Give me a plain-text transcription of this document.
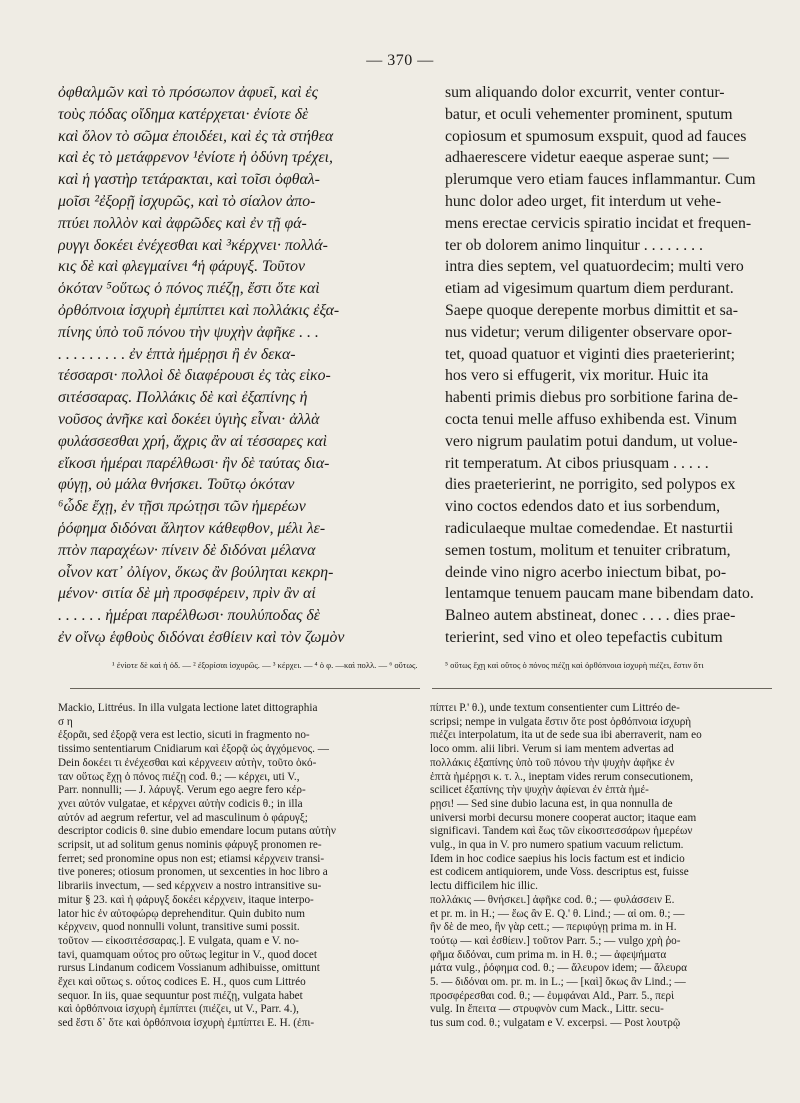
— 370 —
ὀφθαλμῶν καὶ τὸ πρόσωπον ἀφυεῖ, καὶ ἐς
τοὺς πόδας οἴδημα κατέρχεται· ἐνίοτε δὲ
καὶ ὅλον τὸ σῶμα ἐποιδέει, καὶ ἐς τὰ στήθεα
καὶ ἐς τὸ μετάφρενον ¹ἐνίοτε ἡ ὀδύνη τρέχει,
καὶ ἡ γαστὴρ τετάρακται, καὶ τοῖσι ὀφθαλ-
μοῖσι ²ἐξορῇ ἰσχυρῶς, καὶ τὸ σίαλον ἀπο-
πτύει πολλὸν καὶ ἀφρῶδες καὶ ἐν τῇ φά-
ρυγγι δοκέει ἐνέχεσθαι καὶ ³κέρχνει· πολλά-
κις δὲ καὶ φλεγμαίνει ⁴ἡ φάρυγξ. Τοῦτον
ὁκόταν ⁵οὕτως ὁ πόνος πιέζῃ, ἔστι ὅτε καὶ
ὀρθόπνοια ἰσχυρὴ ἐμπίπτει καὶ πολλάκις ἐξα-
πίνης ὑπὸ τοῦ πόνου τὴν ψυχὴν ἀφῆκε . . .
. . . . . . . . . ἐν ἑπτὰ ἡμέρῃσι ἢ ἐν δεκα-
τέσσαρσι· πολλοὶ δὲ διαφέρουσι ἐς τὰς εἰκο-
σιτέσσαρας. Πολλάκις δὲ καὶ ἐξαπίνης ἡ
νοῦσος ἀνῆκε καὶ δοκέει ὑγιὴς εἶναι· ἀλλὰ
φυλάσσεσθαι χρή, ἄχρις ἂν αἱ τέσσαρες καὶ
εἴκοσι ἡμέραι παρέλθωσι· ἢν δὲ ταύτας δια-
φύγῃ, οὐ μάλα θνήσκει. Τοῦτῳ ὁκόταν
⁶ὧδε ἔχῃ, ἐν τῇσι πρώτῃσι τῶν ἡμερέων
ῥόφημα διδόναι ἄλητον κάθεφθον, μέλι λε-
πτὸν παραχέων· πίνειν δὲ διδόναι μέλανα
οἶνον κατ᾽ ὀλίγον, ὅκως ἂν βούληται κεκρη-
μένον· σιτία δὲ μὴ προσφέρειν, πρὶν ἂν αἱ
. . . . . . ἡμέραι παρέλθωσι· πουλύποδας δὲ
ἐν οἴνῳ ἑφθοὺς διδόναι ἐσθίειν καὶ τὸν ζωμὸν
sum aliquando dolor excurrit, venter contur-
batur, et oculi vehementer prominent, sputum
copiosum et spumosum exspuit, quod ad fauces
adhaerescere videtur eaeque asperae sunt; —
plerumque vero etiam fauces inflammantur. Cum
hunc dolor adeo urget, fit interdum ut vehe-
mens erectae cervicis spiratio incidat et frequen-
ter ob dolorem animo linquitur . . . . . . . .
intra dies septem, vel quatuordecim; multi vero
etiam ad vigesimum quartum diem perdurant.
Saepe quoque derepente morbus dimittit et sa-
nus videtur; verum diligenter observare opor-
tet, quoad quatuor et viginti dies praeterierint;
hos vero si effugerit, vix moritur. Huic ita
habenti primis diebus pro sorbitione farina de-
cocta tenui melle affuso exhibenda est. Vinum
vero nigrum paulatim potui dandum, ut volue-
rit temperatum. At cibos priusquam . . . . .
dies praeterierint, ne porrigito, sed polypos ex
vino coctos edendos dato et ius sorbendum,
radiculaeque multae comedendae. Et nasturtii
semen tostum, molitum et tenuiter cribratum,
deinde vino nigro acerbo iniectum bibat, po-
lentamque tenuem paucam mane bibendam dato.
Balneo autem abstineat, donec . . . . dies prae-
terierint, sed vino et oleo tepefactis cubitum
¹ ἐνίοτε δὲ καὶ ἡ ὀδ. — ² ἐξορίσαι ἰσχυρῶς. — ³ κέρχει. — ⁴ ὁ φ. —καὶ πολλ. — ⁶ οὕτως.	⁵ οὕτως ἔχῃ καὶ οὕτος ὁ πόνος πιέζῃ καὶ ὀρθόπνοια ἰσχυρὴ πιέζει, ἔστιν ὅτι
Mackio, Littréus. In illa vulgata lectione latet dittographia
σ η
ἐξορᾶι, sed ἐξορᾷ vera est lectio, sicuti in fragmento no-
tissimo sententiarum Cnidiarum καὶ ἐξορᾷ ὡς ἀγχόμενος. —
Dein δοκέει τι ἐνέχεσθαι καὶ κέρχνεειν αὐτὴν, τοῦτο ὁκό-
ταν οὕτως ἔχῃ ὁ πόνος πιέζῃ cod. θ.; — κέρχει, uti V.,
Parr. nonnulli; — J. λάρυγξ. Verum ego aegre fero κέρ-
χνει αὐτόν vulgatae, et κέρχνει αὐτὴν codicis θ.; in illa
αὐτόν ad aegrum refertur, vel ad masculinum ὁ φάρυγξ;
descriptor codicis θ. sine dubio emendare locum putans αὐτὴν
scripsit, ut ad solitum genus nominis φάρυγξ pronomen re-
ferret; sed pronomine opus non est; etiamsi κέρχνειν transi-
tive poneres; otiosum pronomen, ut sexcenties in hoc libro a
librariis invectum, — sed κέρχνειν a nostro intransitive su-
mitur § 23. καὶ ἡ φάρυγξ δοκέει κέρχνειν, itaque interpo-
lator hic ἐν αὐτοφώρῳ deprehenditur. Quin dubito num
κέρχνειν, quod nonnulli volunt, transitive sumi possit.
τοῦτον — εἰκοσιτέσσαρας.]. E vulgata, quam e V. no-
tavi, quamquam οὗτος pro οὕτως legitur in V., quod docet
rursus Lindanum codicem Vossianum adhibuisse, omittunt
ἔχει καὶ οὕτως s. οὗτος codices E. H., quos cum Littréo
sequor. In iis, quae sequuntur post πιέζῃ, vulgata habet
καὶ ὀρθόπνοια ἰσχυρὴ ἐμπίπτει (πιέζει, ut V., Parr. 4.),
sed ἔστι δ᾽ ὅτε καὶ ὀρθόπνοια ἰσχυρὴ ἐμπίπτει E. H. (ἐπι-
πίπτει P.' θ.), unde textum consentienter cum Littréo de-
scripsi; nempe in vulgata ἔστιν ὅτε post ὀρθόπνοια ἰσχυρὴ
πιέζει interpolatum, ita ut de sede sua ibi aberraverit, nam eo
loco omm. alii libri. Verum si iam mentem advertas ad
πολλάκις ἐξαπίνης ὑπὸ τοῦ πόνου τὴν ψυχὴν ἀφῆκε ἐν
ἑπτὰ ἡμέρῃσι κ. τ. λ., ineptam vides rerum consecutionem,
scilicet ἐξαπίνης τὴν ψυχὴν ἀφίεναι ἐν ἑπτὰ ἡμέ-
ρῃσι! — Sed sine dubio lacuna est, in qua nonnulla de
universi morbi decursu monere cooperat auctor; itaque eam
significavi. Tandem καὶ ἕως τῶν εἰκοσιτεσσάρων ἡμερέων
vulg., in qua in V. pro numero spatium vacuum relictum.
Idem in hoc codice saepius his locis factum est et indicio
est codicem antiquiorem, unde Voss. descriptus est, fuisse
lectu difficilem hic illic.
πολλάκις — θνήσκει.] ἀφῆκε cod. θ.; — φυλάσσειν E.
et pr. m. in H.; — ἕως ἂν E. Q.' θ. Lind.; — αἱ om. θ.; —
ἢν δὲ de meo, ἢν γὰρ cett.; — περιφύγῃ prima m. in H.
τούτῳ — καὶ ἐσθίειν.] τοῦτον Parr. 5.; — vulgo χρὴ ῥο-
φῆμα διδόναι, cum prima m. in H. θ.; — ἀφεψήματα
μάτα vulg., ῥόφημα cod. θ.; — ἄλευρον idem; — ἄλευρα
5. — διδόναι om. pr. m. in L.; — [καὶ] ὅκως ἂν Lind.; —
προσφέρεσθαι cod. θ.; — ἐυμφάναι Ald., Parr. 5., περὶ
vulg. In ἔπειτα — στρυφνὸν cum Mack., Littr. secu-
tus sum cod. θ.; vulgatam e V. excerpsi. — Post λουτρῷ
